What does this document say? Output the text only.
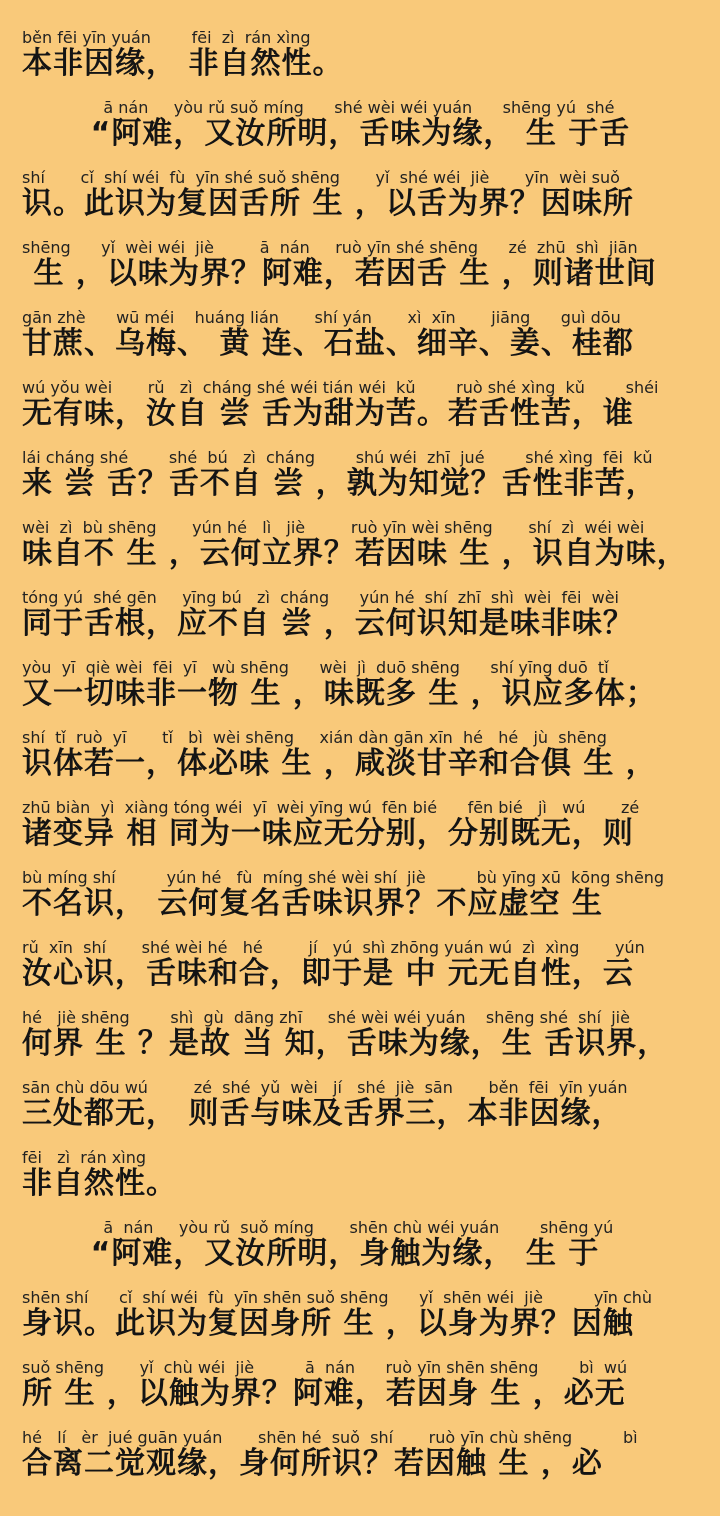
běn fēi yīn yuán        fēi  zì  rán xìng
本非因缘， 非自然性。
ā nán     yòu rǔ suǒ míng      shé wèi wéi yuán      shēng yú  shé
“阿难，又汝所明，舌味为缘， 生 于舌
shí       cǐ  shí wéi  fù  yīn shé suǒ shēng       yǐ  shé wéi  jiè       yīn  wèi suǒ
识。此识为复因舌所 生 ，以舌为界？因味所
shēng      yǐ  wèi wéi  jiè         ā  nán     ruò yīn shé shēng      zé  zhū  shì  jiān
生 ，以味为界？阿难，若因舌 生 ，则诸世间
gān zhè      wū méi    huáng lián       shí yán       xì  xīn       jiāng      guì dōu
甘蔗、乌梅、 黄 连、石盐、细辛、姜、桂都
wú yǒu wèi       rǔ   zì  cháng shé wéi tián wéi  kǔ        ruò shé xìng  kǔ        shéi
无有味，汝自 尝 舌为甜为苦。若舌性苦，谁
lái cháng shé        shé  bú   zì  cháng        shú wéi  zhī  jué        shé xìng  fēi  kǔ
来 尝 舌？舌不自 尝 ，孰为知觉？舌性非苦，
wèi  zì  bù shēng       yún hé   lì   jiè         ruò yīn wèi shēng       shí  zì  wéi wèi
味自不 生 ，云何立界？若因味 生 ，识自为味，
tóng yú  shé gēn     yīng bú   zì  cháng      yún hé  shí  zhī  shì  wèi  fēi  wèi
同于舌根，应不自 尝 ，云何识知是味非味？
yòu  yī  qiè wèi  fēi  yī   wù shēng      wèi  jì  duō shēng      shí yīng duō  tǐ
又一切味非一物 生 ，味既多 生 ，识应多体；
shí  tǐ  ruò  yī       tǐ   bì  wèi shēng     xián dàn gān xīn  hé   hé   jù  shēng
识体若一，体必味 生 ，咸淡甘辛和合俱 生 ，
zhū biàn  yì  xiàng tóng wéi  yī  wèi yīng wú  fēn bié      fēn bié   jì   wú       zé
诸变异 相 同为一味应无分别，分别既无，则
bù míng shí          yún hé   fù  míng shé wèi shí  jiè          bù yīng xū  kōng shēng
不名识， 云何复名舌味识界？不应虚空 生
rǔ  xīn  shí       shé wèi hé   hé         jí   yú  shì zhōng yuán wú  zì  xìng       yún
汝心识，舌味和合，即于是 中 元无自性，云
hé   jiè shēng        shì  gù  dāng zhī     shé wèi wéi yuán    shēng shé  shí  jiè
何界 生 ？是故 当 知，舌味为缘，生 舌识界，
sān chù dōu wú         zé  shé  yǔ  wèi   jí   shé  jiè  sān       běn  fēi  yīn yuán
三处都无， 则舌与味及舌界三，本非因缘，
fēi   zì  rán xìng
非自然性。
ā  nán     yòu rǔ  suǒ míng       shēn chù wéi yuán        shēng yú
“阿难，又汝所明，身触为缘， 生 于
shēn shí      cǐ  shí wéi  fù  yīn shēn suǒ shēng      yǐ  shēn wéi  jiè          yīn chù
身识。此识为复因身所 生 ，以身为界？因触
suǒ shēng       yǐ  chù wéi  jiè          ā  nán      ruò yīn shēn shēng        bì  wú
所 生 ，以触为界？阿难，若因身 生 ，必无
hé   lí   èr  jué guān yuán       shēn hé  suǒ  shí       ruò yīn chù shēng          bì
合离二觉观缘，身何所识？若因触 生 ，必
